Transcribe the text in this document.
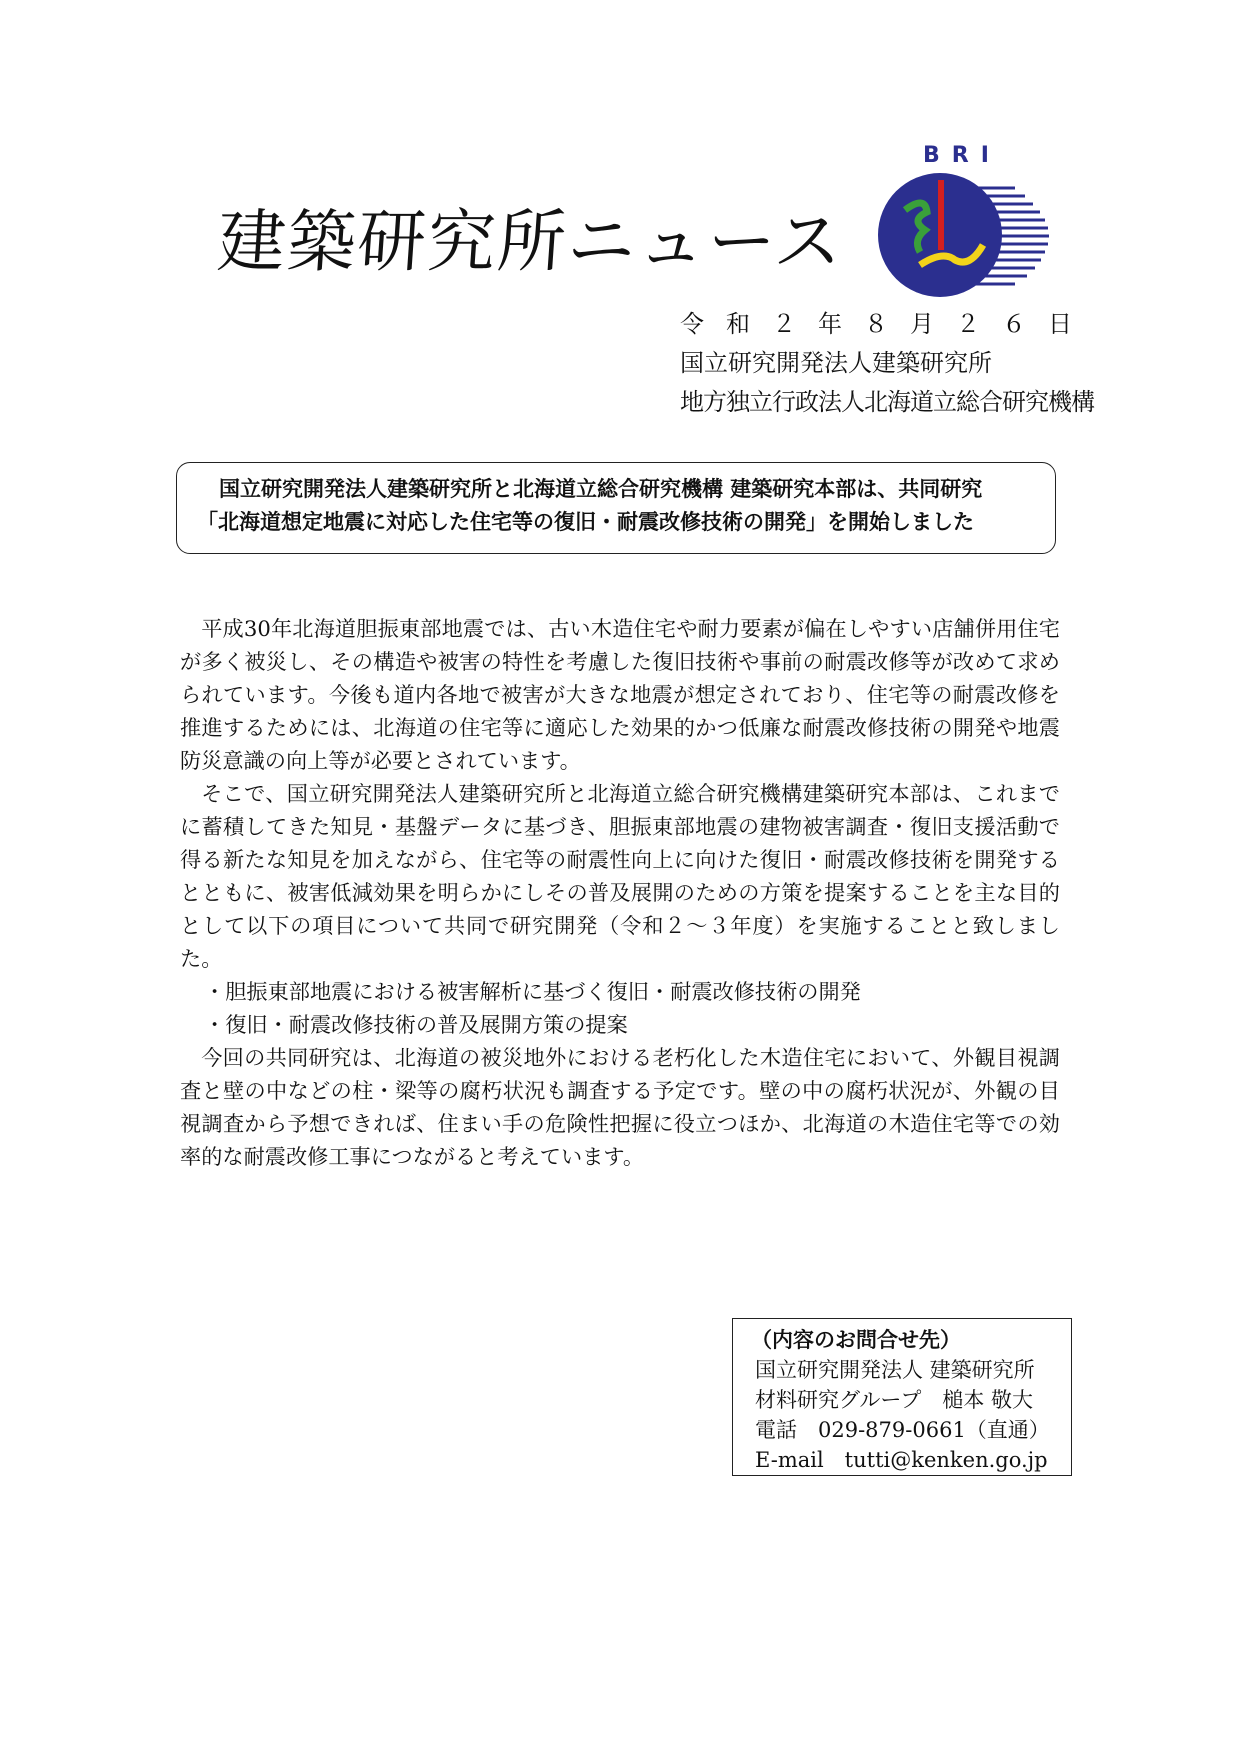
建築研究所ニュース
BRI
令和２年８月２６日
国立研究開発法人建築研究所
地方独立行政法人北海道立総合研究機構
国立研究開発法人建築研究所と北海道立総合研究機構 建築研究本部は、共同研究
「北海道想定地震に対応した住宅等の復旧・耐震改修技術の開発」を開始しました

平成30年北海道胆振東部地震では、古い木造住宅や耐力要素が偏在しやすい店舗併用住宅が多く被災し、その構造や被害の特性を考慮した復旧技術や事前の耐震改修等が改めて求められています。今後も道内各地で被害が大きな地震が想定されており、住宅等の耐震改修を推進するためには、北海道の住宅等に適応した効果的かつ低廉な耐震改修技術の開発や地震防災意識の向上等が必要とされています。

そこで、国立研究開発法人建築研究所と北海道立総合研究機構建築研究本部は、これまでに蓄積してきた知見・基盤データに基づき、胆振東部地震の建物被害調査・復旧支援活動で得る新たな知見を加えながら、住宅等の耐震性向上に向けた復旧・耐震改修技術を開発するとともに、被害低減効果を明らかにしその普及展開のための方策を提案することを主な目的として以下の項目について共同で研究開発（令和２～３年度）を実施することと致しました。

・胆振東部地震における被害解析に基づく復旧・耐震改修技術の開発
・復旧・耐震改修技術の普及展開方策の提案

今回の共同研究は、北海道の被災地外における老朽化した木造住宅において、外観目視調査と壁の中などの柱・梁等の腐朽状況も調査する予定です。壁の中の腐朽状況が、外観の目視調査から予想できれば、住まい手の危険性把握に役立つほか、北海道の木造住宅等での効率的な耐震改修工事につながると考えています。

（内容のお問合せ先）
国立研究開発法人 建築研究所
材料研究グループ　槌本 敬大
電話　029-879-0661（直通）
E-mail　tutti@kenken.go.jp
